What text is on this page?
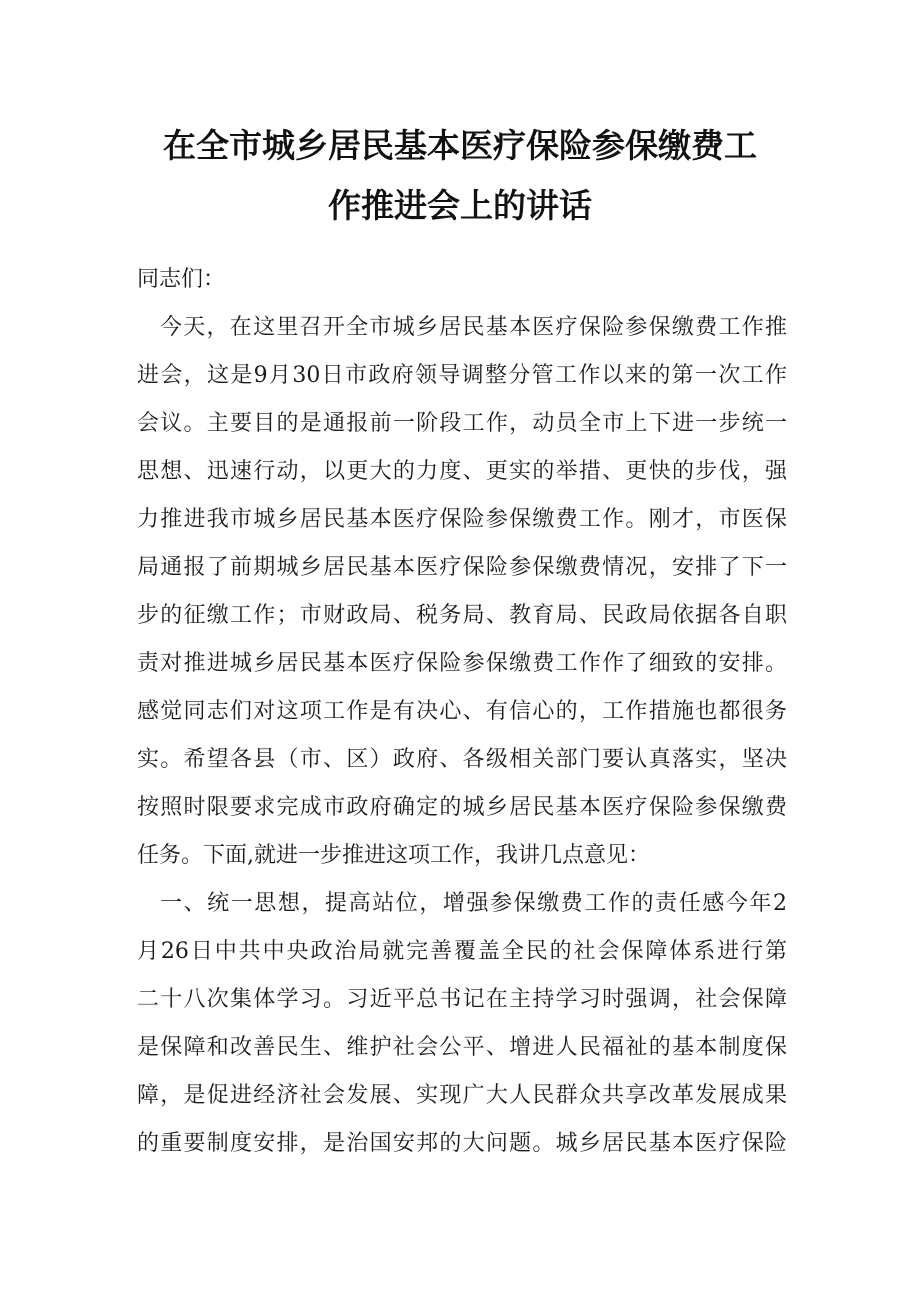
在全市城乡居民基本医疗保险参保缴费工
作推进会上的讲话

同志们：

今天，在这里召开全市城乡居民基本医疗保险参保缴费工作推

进会，这是9月30日市政府领导调整分管工作以来的第一次工作

会议。主要目的是通报前一阶段工作，动员全市上下进一步统一

思想、迅速行动，以更大的力度、更实的举措、更快的步伐，强

力推进我市城乡居民基本医疗保险参保缴费工作。刚才，市医保

局通报了前期城乡居民基本医疗保险参保缴费情况，安排了下一

步的征缴工作；市财政局、税务局、教育局、民政局依据各自职

责对推进城乡居民基本医疗保险参保缴费工作作了细致的安排。

感觉同志们对这项工作是有决心、有信心的，工作措施也都很务

实。希望各县（市、区）政府、各级相关部门要认真落实，坚决

按照时限要求完成市政府确定的城乡居民基本医疗保险参保缴费

任务。下面,就进一步推进这项工作，我讲几点意见：

一、统一思想，提高站位，增强参保缴费工作的责任感今年2

月26日中共中央政治局就完善覆盖全民的社会保障体系进行第

二十八次集体学习。习近平总书记在主持学习时强调，社会保障

是保障和改善民生、维护社会公平、增进人民福祉的基本制度保

障，是促进经济社会发展、实现广大人民群众共享改革发展成果

的重要制度安排，是治国安邦的大问题。城乡居民基本医疗保险
